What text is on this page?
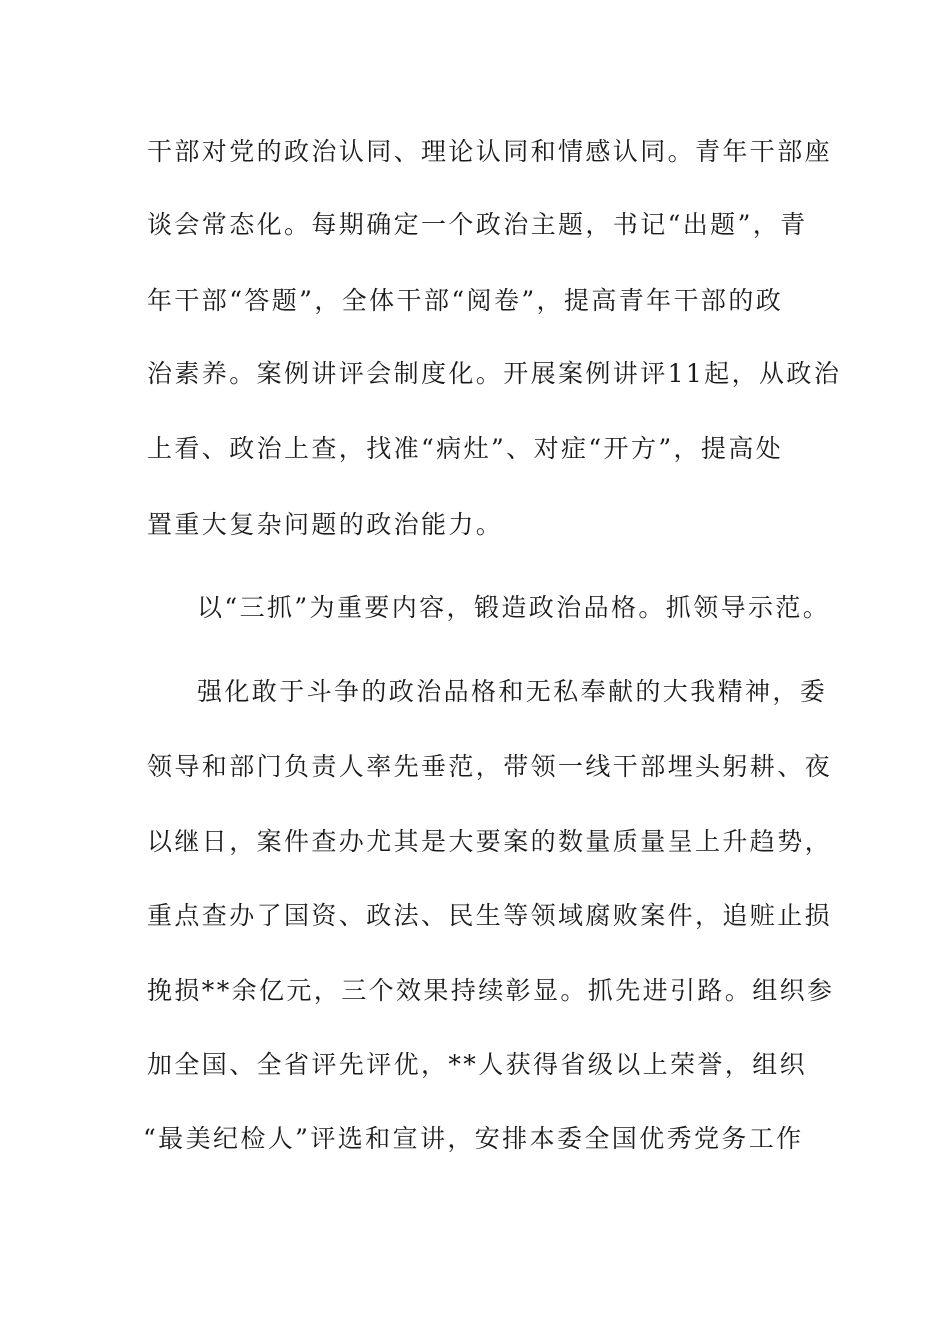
干部对党的政治认同、理论认同和情感认同。青年干部座
谈会常态化。每期确定一个政治主题，书记“出题”，青
年干部“答题”，全体干部“阅卷”，提高青年干部的政
治素养。案例讲评会制度化。开展案例讲评11起，从政治
上看、政治上查，找准“病灶”、对症“开方”，提高处
置重大复杂问题的政治能力。
以“三抓”为重要内容，锻造政治品格。抓领导示范。
强化敢于斗争的政治品格和无私奉献的大我精神，委
领导和部门负责人率先垂范，带领一线干部埋头躬耕、夜
以继日，案件查办尤其是大要案的数量质量呈上升趋势，
重点查办了国资、政法、民生等领域腐败案件，追赃止损
挽损**余亿元，三个效果持续彰显。抓先进引路。组织参
加全国、全省评先评优，**人获得省级以上荣誉，组织
“最美纪检人”评选和宣讲，安排本委全国优秀党务工作
